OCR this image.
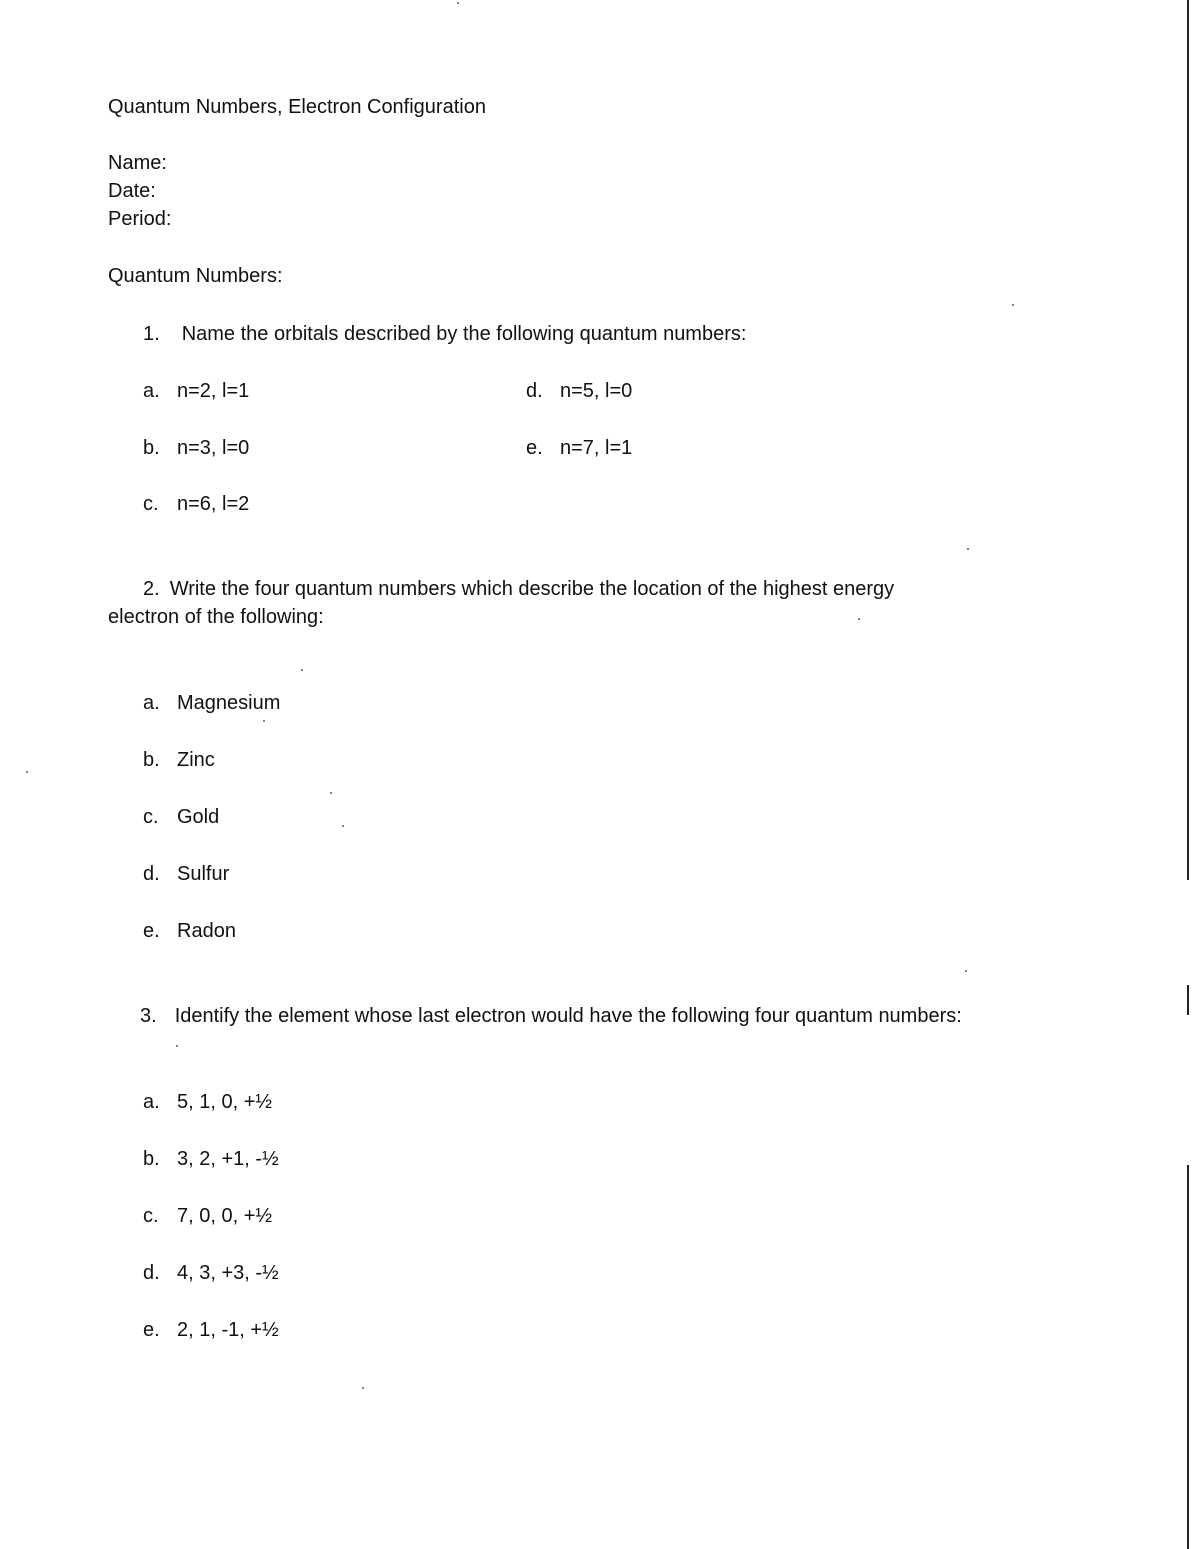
Quantum Numbers, Electron Configuration
Name:
Date:
Period:
Quantum Numbers:
1. Name the orbitals described by the following quantum numbers:
a. n=2, l=1
b. n=3, l=0
c. n=6, l=2
d. n=5, l=0
e. n=7, l=1
2. Write the four quantum numbers which describe the location of the highest energy
electron of the following:
a. Magnesium
b. Zinc
c. Gold
d. Sulfur
e. Radon
3. Identify the element whose last electron would have the following four quantum numbers:
a. 5, 1, 0, +½
b. 3, 2, +1, -½
c. 7, 0, 0, +½
d. 4, 3, +3, -½
e. 2, 1, -1, +½
